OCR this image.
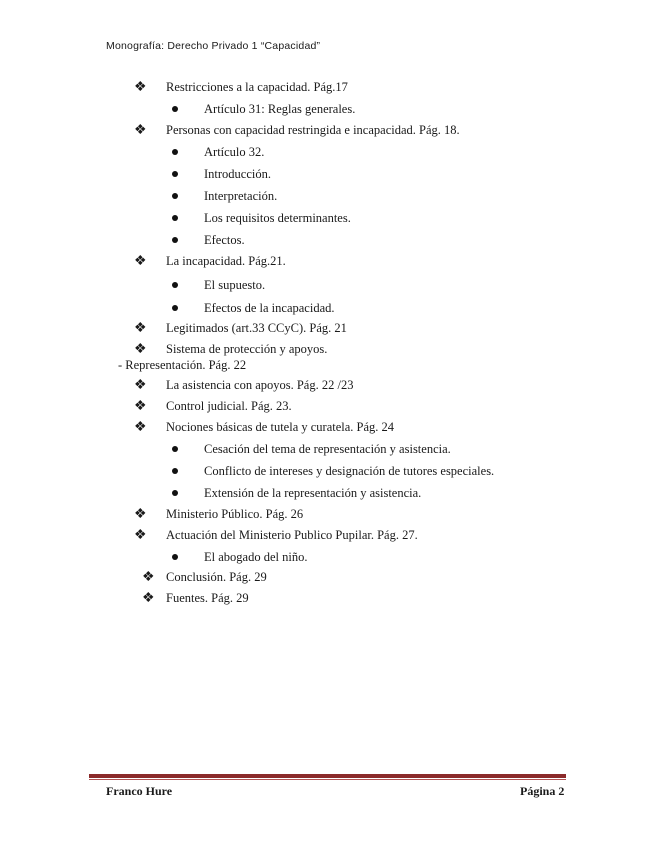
Monografía: Derecho Privado 1 “Capacidad”
❖ Restricciones a la capacidad. Pág.17
Artículo 31: Reglas generales.
❖ Personas con capacidad restringida e incapacidad. Pág. 18.
Artículo 32.
Introducción.
Interpretación.
Los requisitos determinantes.
Efectos.
❖ La incapacidad. Pág.21.
El supuesto.
Efectos de la incapacidad.
❖ Legitimados (art.33 CCyC). Pág. 21
❖ Sistema de protección y apoyos.
- Representación. Pág. 22
❖ La asistencia con apoyos. Pág. 22 /23
❖ Control judicial. Pág. 23.
❖ Nociones básicas de tutela y curatela. Pág. 24
Cesación del tema de representación y asistencia.
Conflicto de intereses y designación de tutores especiales.
Extensión de la representación y asistencia.
❖ Ministerio Público. Pág. 26
❖ Actuación del Ministerio Publico Pupilar. Pág. 27.
El abogado del niño.
❖ Conclusión. Pág. 29
❖ Fuentes. Pág. 29
Franco Hure	Página 2
